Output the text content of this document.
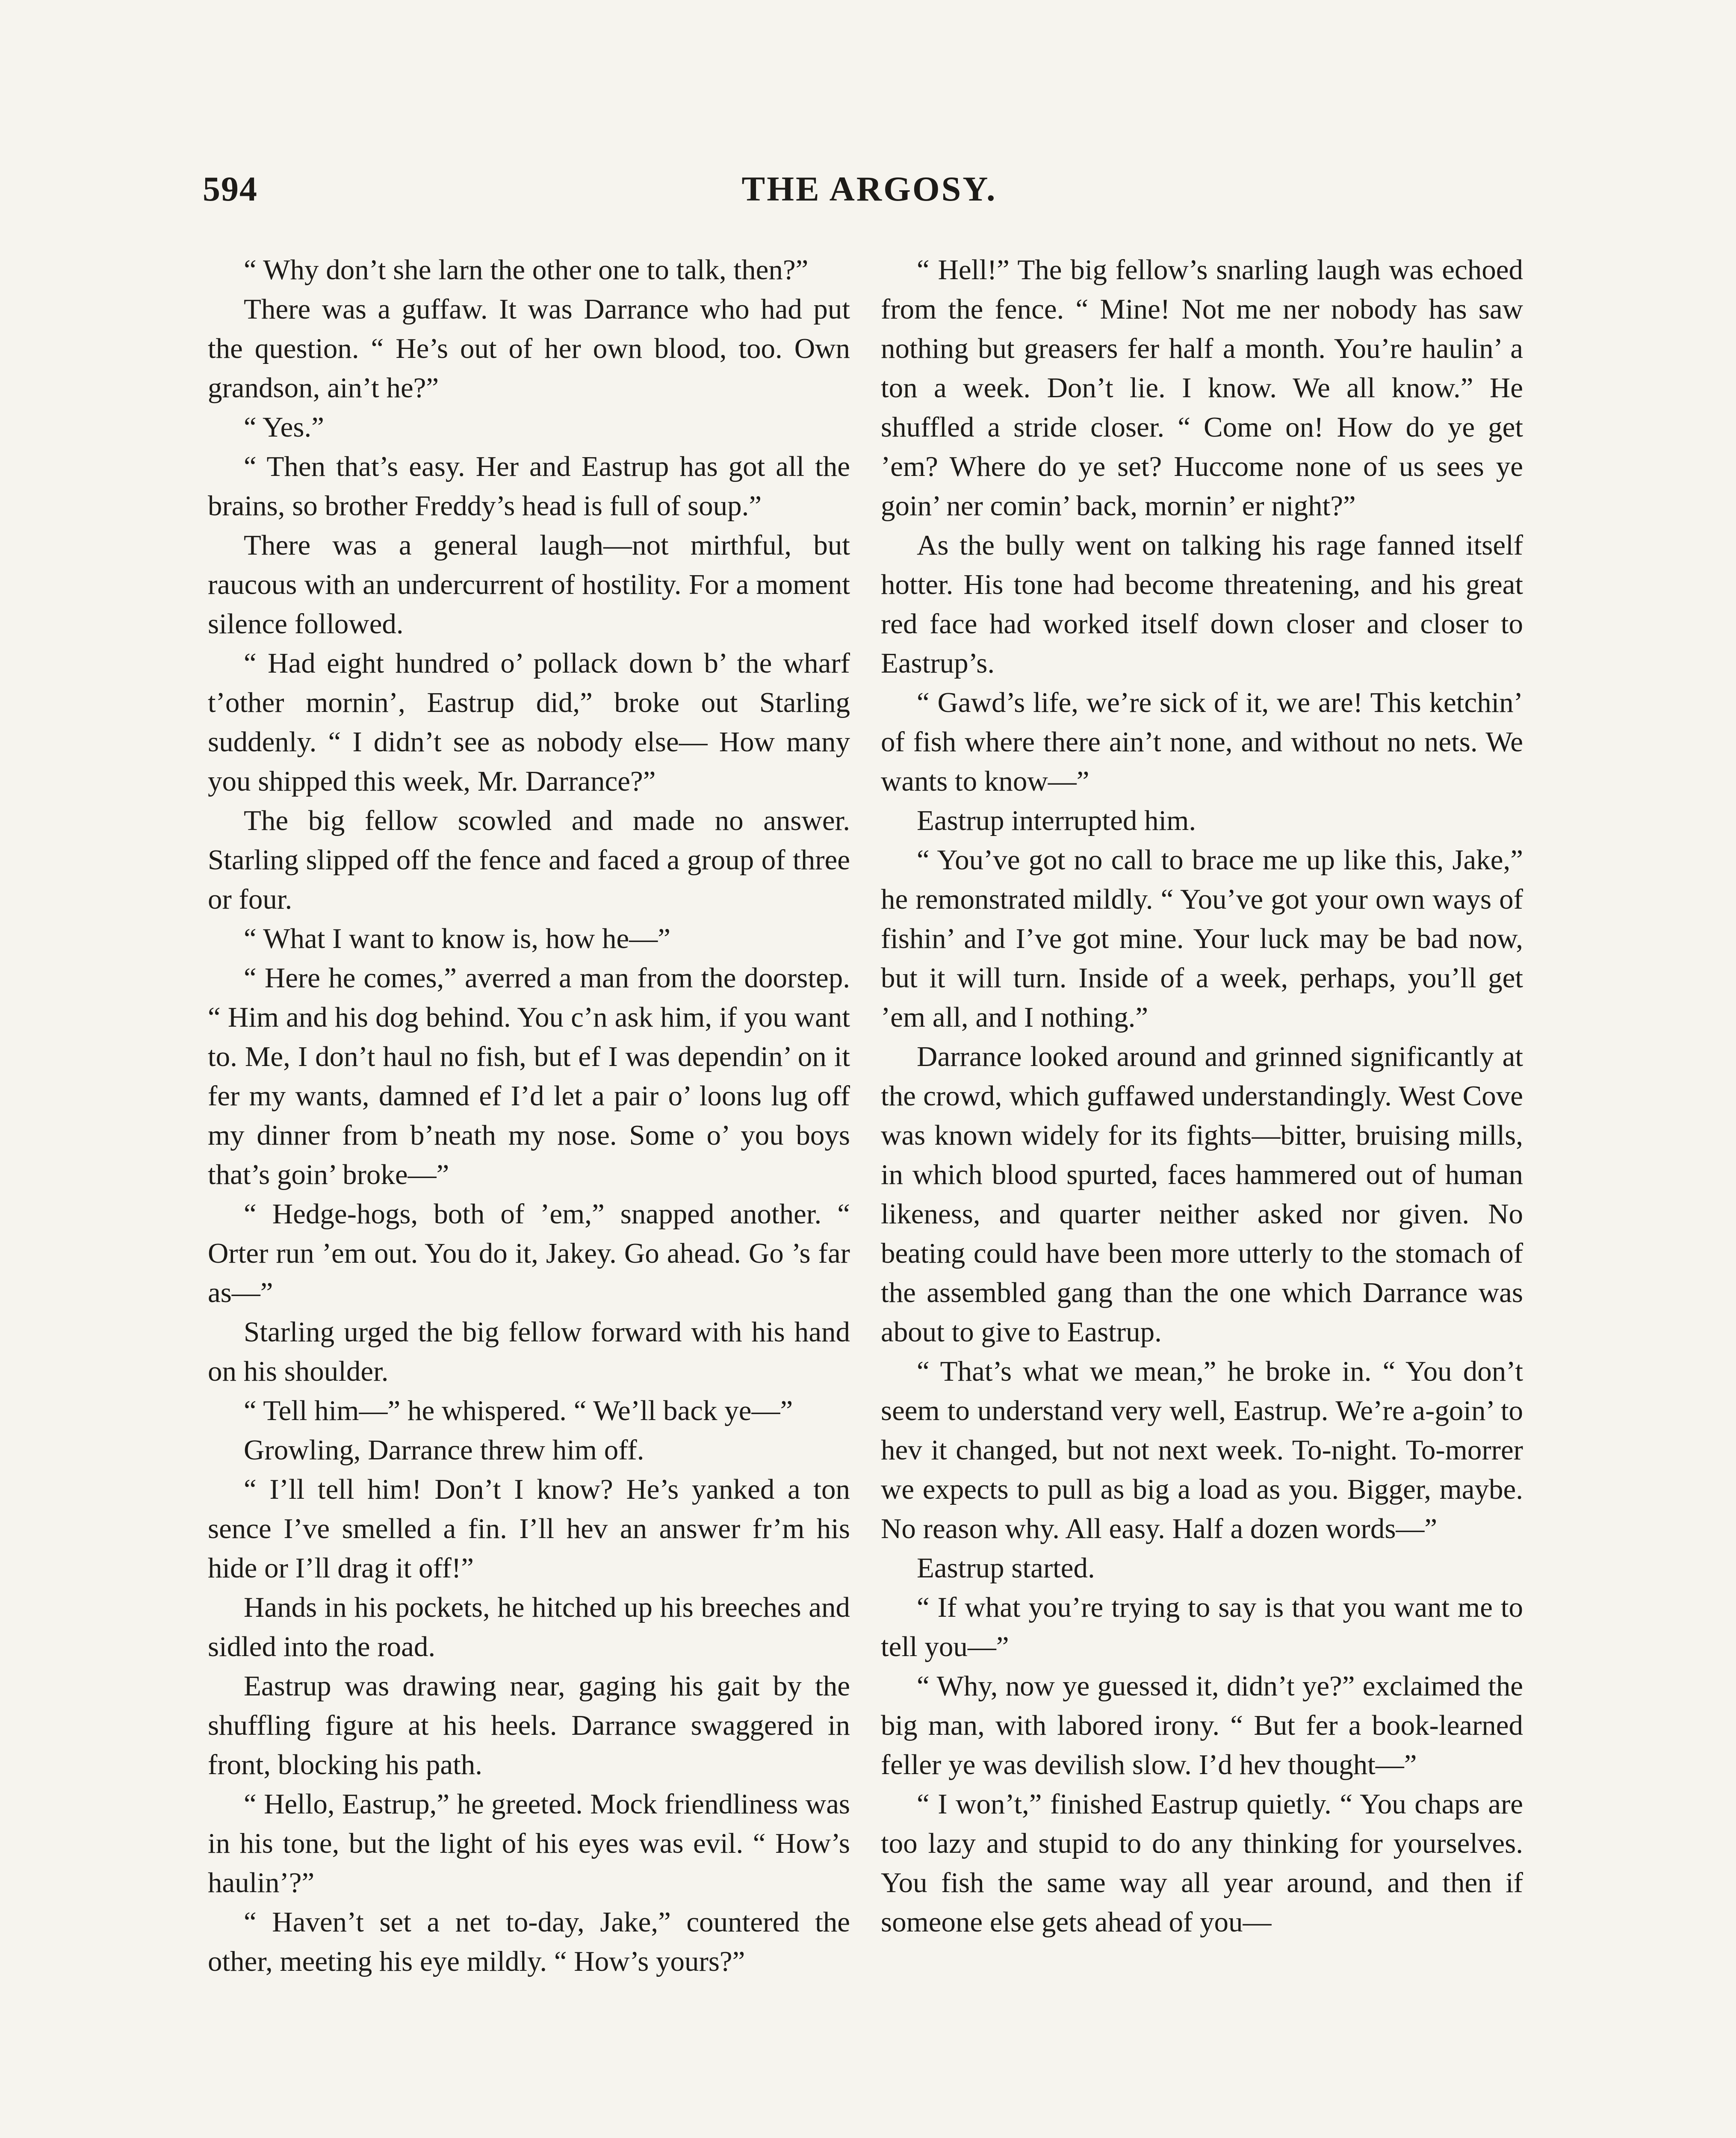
594	THE ARGOSY.

“ Why don’t she larn the other one to talk, then?”

There was a guffaw. It was Darrance who had put the question. “ He’s out of her own blood, too. Own grandson, ain’t he?”

“ Yes.”

“ Then that’s easy. Her and Eastrup has got all the brains, so brother Freddy’s head is full of soup.”

There was a general laugh—not mirthful, but raucous with an undercurrent of hostility. For a moment silence followed.

“ Had eight hundred o’ pollack down b’ the wharf t’other mornin’, Eastrup did,” broke out Starling suddenly. “ I didn’t see as nobody else— How many you shipped this week, Mr. Darrance?”

The big fellow scowled and made no answer. Starling slipped off the fence and faced a group of three or four.

“ What I want to know is, how he—”

“ Here he comes,” averred a man from the doorstep. “ Him and his dog behind. You c’n ask him, if you want to. Me, I don’t haul no fish, but ef I was dependin’ on it fer my wants, damned ef I’d let a pair o’ loons lug off my dinner from b’neath my nose. Some o’ you boys that’s goin’ broke—”

“ Hedge-hogs, both of ’em,” snapped another. “ Orter run ’em out. You do it, Jakey. Go ahead. Go ’s far as—”

Starling urged the big fellow forward with his hand on his shoulder.

“ Tell him—” he whispered. “ We’ll back ye—”

Growling, Darrance threw him off.

“ I’ll tell him! Don’t I know? He’s yanked a ton sence I’ve smelled a fin. I’ll hev an answer fr’m his hide or I’ll drag it off!”

Hands in his pockets, he hitched up his breeches and sidled into the road.

Eastrup was drawing near, gaging his gait by the shuffling figure at his heels. Darrance swaggered in front, blocking his path.

“ Hello, Eastrup,” he greeted. Mock friendliness was in his tone, but the light of his eyes was evil. “ How’s haulin’?”

“ Haven’t set a net to-day, Jake,” countered the other, meeting his eye mildly. “ How’s yours?”

“ Hell!” The big fellow’s snarling laugh was echoed from the fence. “ Mine! Not me ner nobody has saw nothing but greasers fer half a month. You’re haulin’ a ton a week. Don’t lie. I know. We all know.” He shuffled a stride closer. “ Come on! How do ye get ’em? Where do ye set? Huccome none of us sees ye goin’ ner comin’ back, mornin’ er night?”

As the bully went on talking his rage fanned itself hotter. His tone had become threatening, and his great red face had worked itself down closer and closer to Eastrup’s.

“ Gawd’s life, we’re sick of it, we are! This ketchin’ of fish where there ain’t none, and without no nets. We wants to know—”

Eastrup interrupted him.

“ You’ve got no call to brace me up like this, Jake,” he remonstrated mildly. “ You’ve got your own ways of fishin’ and I’ve got mine. Your luck may be bad now, but it will turn. Inside of a week, perhaps, you’ll get ’em all, and I nothing.”

Darrance looked around and grinned significantly at the crowd, which guffawed understandingly. West Cove was known widely for its fights—bitter, bruising mills, in which blood spurted, faces hammered out of human likeness, and quarter neither asked nor given. No beating could have been more utterly to the stomach of the assembled gang than the one which Darrance was about to give to Eastrup.

“ That’s what we mean,” he broke in. “ You don’t seem to understand very well, Eastrup. We’re a-goin’ to hev it changed, but not next week. To-night. To-morrer we expects to pull as big a load as you. Bigger, maybe. No reason why. All easy. Half a dozen words—”

Eastrup started.

“ If what you’re trying to say is that you want me to tell you—”

“ Why, now ye guessed it, didn’t ye?” exclaimed the big man, with labored irony. “ But fer a book-learned feller ye was devilish slow. I’d hev thought—”

“ I won’t,” finished Eastrup quietly. “ You chaps are too lazy and stupid to do any thinking for yourselves. You fish the same way all year around, and then if someone else gets ahead of you—
